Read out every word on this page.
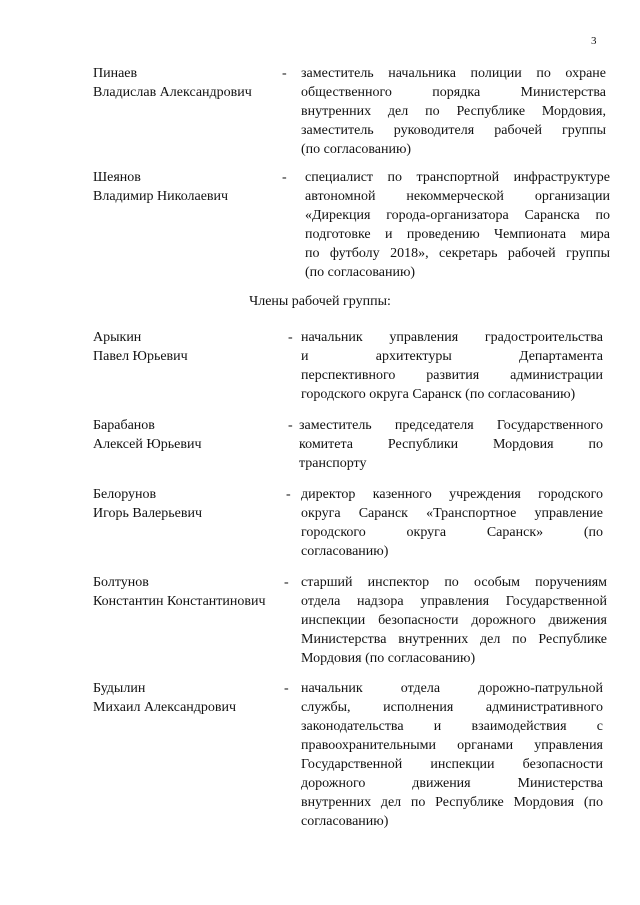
3
Пинаев
Владислав Александрович
- заместитель начальника полиции по охране
общественного порядка Министерства
внутренних дел по Республике Мордовия,
заместитель руководителя рабочей группы
(по согласованию)
Шеянов
Владимир Николаевич
- специалист по транспортной инфраструктуре
автономной некоммерческой организации
«Дирекция города-организатора Саранска по
подготовке и проведению Чемпионата мира
по футболу 2018», секретарь рабочей группы
(по согласованию)
Члены рабочей группы:
Арыкин
Павел Юрьевич
- начальник управления градостроительства
и архитектуры Департамента
перспективного развития администрации
городского округа Саранск (по согласованию)
Барабанов
Алексей Юрьевич
- заместитель председателя Государственного
комитета Республики Мордовия по
транспорту
Белорунов
Игорь Валерьевич
- директор казенного учреждения городского
округа Саранск «Транспортное управление
городского округа Саранск» (по
согласованию)
Болтунов
Константин Константинович
- старший инспектор по особым поручениям
отдела надзора управления Государственной
инспекции безопасности дорожного движения
Министерства внутренних дел по Республике
Мордовия (по согласованию)
Будылин
Михаил Александрович
- начальник отдела дорожно-патрульной
службы, исполнения административного
законодательства и взаимодействия с
правоохранительными органами управления
Государственной инспекции безопасности
дорожного движения Министерства
внутренних дел по Республике Мордовия (по
согласованию)
